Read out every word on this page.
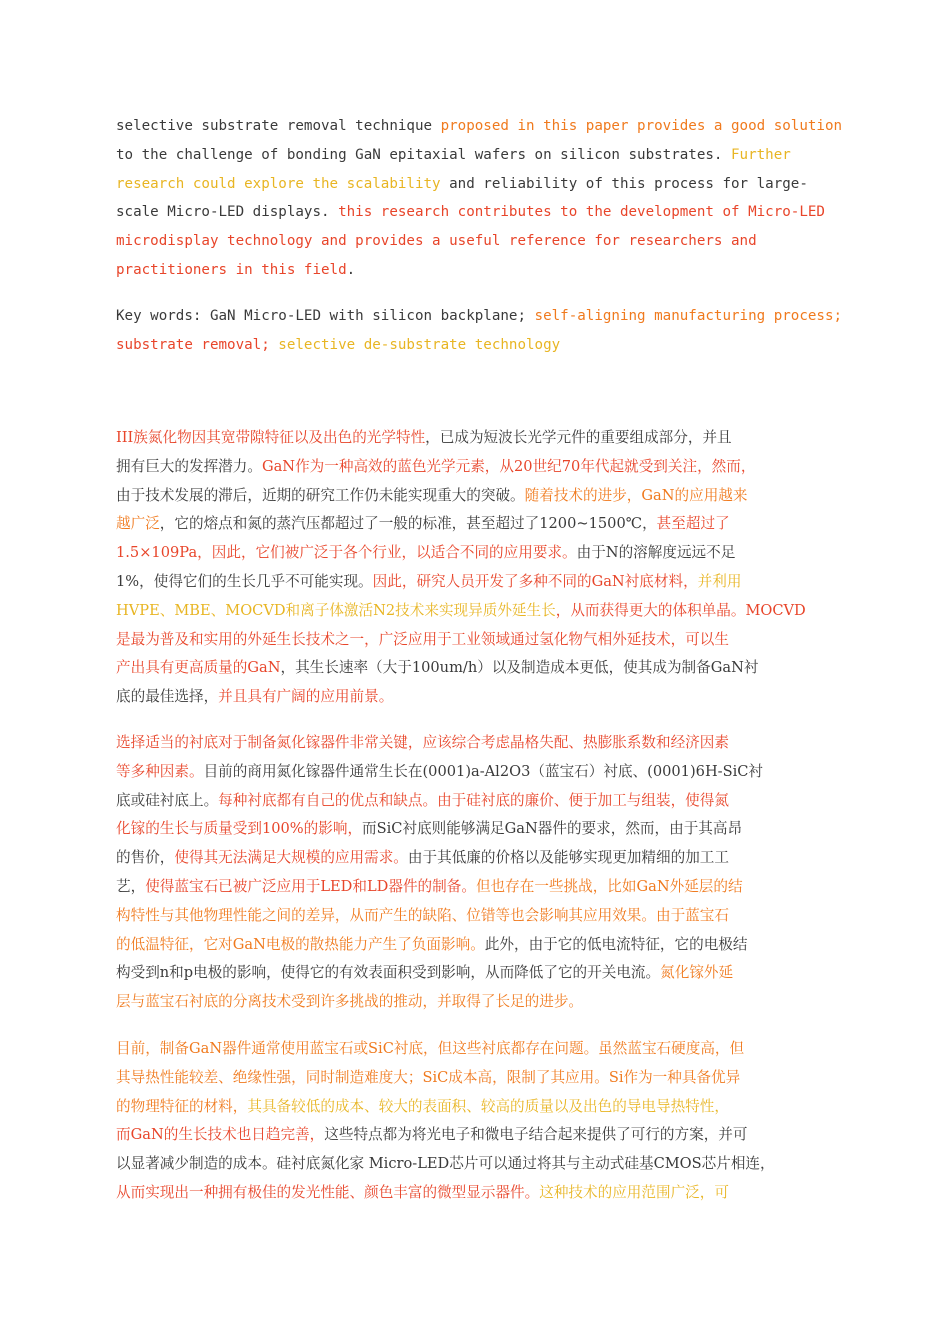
selective substrate removal technique proposed in this paper provides a good solution
to the challenge of bonding GaN epitaxial wafers on silicon substrates. Further
research could explore the scalability and reliability of this process for large-
scale Micro-LED displays. this research contributes to the development of Micro-LED
microdisplay technology and provides a useful reference for researchers and
practitioners in this field.
Key words: GaN Micro-LED with silicon backplane; self-aligning manufacturing process;
substrate removal; selective de-substrate technology
III族氮化物因其宽带隙特征以及出色的光学特性，已成为短波长光学元件的重要组成部分，并且
拥有巨大的发挥潜力。GaN作为一种高效的蓝色光学元素，从20世纪70年代起就受到关注，然而，
由于技术发展的滞后，近期的研究工作仍未能实现重大的突破。随着技术的进步，GaN的应用越来
越广泛，它的熔点和氮的蒸汽压都超过了一般的标准，甚至超过了1200~1500℃，甚至超过了
1.5×109Pa，因此，它们被广泛于各个行业，以适合不同的应用要求。由于N的溶解度远远不足
1%，使得它们的生长几乎不可能实现。因此，研究人员开发了多种不同的GaN衬底材料，并利用
HVPE、MBE、MOCVD和离子体激活N2技术来实现异质外延生长，从而获得更大的体积单晶。MOCVD
是最为普及和实用的外延生长技术之一，广泛应用于工业领域通过氢化物气相外延技术，可以生
产出具有更高质量的GaN，其生长速率（大于100um/h）以及制造成本更低，使其成为制备GaN衬
底的最佳选择，并且具有广阔的应用前景。
选择适当的衬底对于制备氮化镓器件非常关键，应该综合考虑晶格失配、热膨胀系数和经济因素
等多种因素。目前的商用氮化镓器件通常生长在(0001)a-Al2O3（蓝宝石）衬底、(0001)6H-SiC衬
底或硅衬底上。每种衬底都有自己的优点和缺点。由于硅衬底的廉价、便于加工与组装，使得氮
化镓的生长与质量受到100%的影响，而SiC衬底则能够满足GaN器件的要求，然而，由于其高昂
的售价，使得其无法满足大规模的应用需求。由于其低廉的价格以及能够实现更加精细的加工工
艺，使得蓝宝石已被广泛应用于LED和LD器件的制备。但也存在一些挑战，比如GaN外延层的结
构特性与其他物理性能之间的差异，从而产生的缺陷、位错等也会影响其应用效果。由于蓝宝石
的低温特征，它对GaN电极的散热能力产生了负面影响。此外，由于它的低电流特征，它的电极结
构受到n和p电极的影响，使得它的有效表面积受到影响，从而降低了它的开关电流。氮化镓外延
层与蓝宝石衬底的分离技术受到许多挑战的推动，并取得了长足的进步。
目前，制备GaN器件通常使用蓝宝石或SiC衬底，但这些衬底都存在问题。虽然蓝宝石硬度高，但
其导热性能较差、绝缘性强，同时制造难度大；SiC成本高，限制了其应用。Si作为一种具备优异
的物理特征的材料，其具备较低的成本、较大的表面积、较高的质量以及出色的导电导热特性，
而GaN的生长技术也日趋完善，这些特点都为将光电子和微电子结合起来提供了可行的方案，并可
以显著减少制造的成本。硅衬底氮化家 Micro-LED芯片可以通过将其与主动式硅基CMOS芯片相连，
从而实现出一种拥有极佳的发光性能、颜色丰富的微型显示器件。这种技术的应用范围广泛，可
